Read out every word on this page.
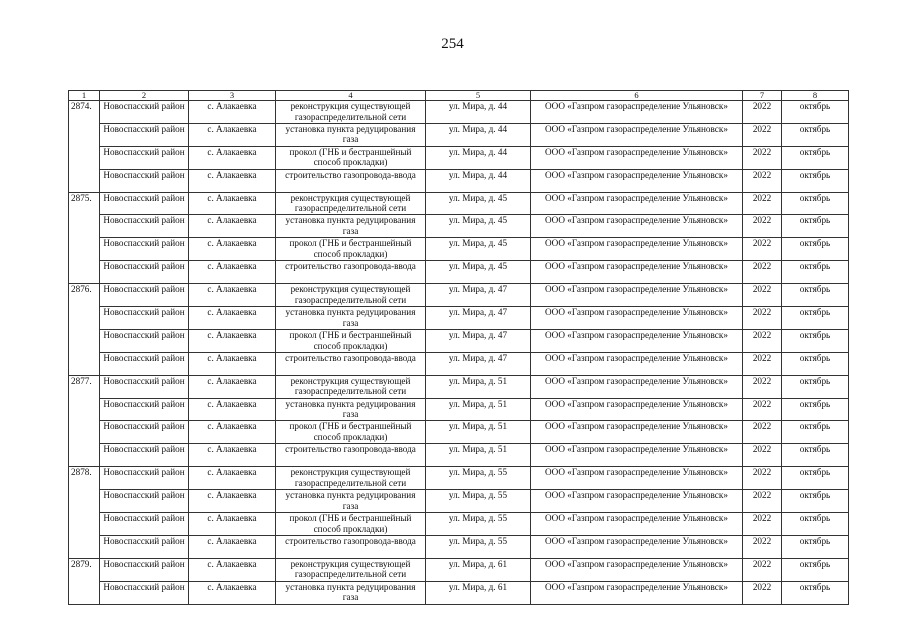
254
1	2	3	4	5	6	7	8
2874.	Новоспасский район	с. Алакаевка	реконструкция существующей газораспределительной сети	ул. Мира, д. 44	ООО «Газпром газораспределение Ульяновск»	2022	октябрь
	Новоспасский район	с. Алакаевка	установка пункта редуцирования газа	ул. Мира, д. 44	ООО «Газпром газораспределение Ульяновск»	2022	октябрь
	Новоспасский район	с. Алакаевка	прокол (ГНБ и бестраншейный способ прокладки)	ул. Мира, д. 44	ООО «Газпром газораспределение Ульяновск»	2022	октябрь
	Новоспасский район	с. Алакаевка	строительство газопровода-ввода	ул. Мира, д. 44	ООО «Газпром газораспределение Ульяновск»	2022	октябрь
2875.	Новоспасский район	с. Алакаевка	реконструкция существующей газораспределительной сети	ул. Мира, д. 45	ООО «Газпром газораспределение Ульяновск»	2022	октябрь
	Новоспасский район	с. Алакаевка	установка пункта редуцирования газа	ул. Мира, д. 45	ООО «Газпром газораспределение Ульяновск»	2022	октябрь
	Новоспасский район	с. Алакаевка	прокол (ГНБ и бестраншейный способ прокладки)	ул. Мира, д. 45	ООО «Газпром газораспределение Ульяновск»	2022	октябрь
	Новоспасский район	с. Алакаевка	строительство газопровода-ввода	ул. Мира, д. 45	ООО «Газпром газораспределение Ульяновск»	2022	октябрь
2876.	Новоспасский район	с. Алакаевка	реконструкция существующей газораспределительной сети	ул. Мира, д. 47	ООО «Газпром газораспределение Ульяновск»	2022	октябрь
	Новоспасский район	с. Алакаевка	установка пункта редуцирования газа	ул. Мира, д. 47	ООО «Газпром газораспределение Ульяновск»	2022	октябрь
	Новоспасский район	с. Алакаевка	прокол (ГНБ и бестраншейный способ прокладки)	ул. Мира, д. 47	ООО «Газпром газораспределение Ульяновск»	2022	октябрь
	Новоспасский район	с. Алакаевка	строительство газопровода-ввода	ул. Мира, д. 47	ООО «Газпром газораспределение Ульяновск»	2022	октябрь
2877.	Новоспасский район	с. Алакаевка	реконструкция существующей газораспределительной сети	ул. Мира, д. 51	ООО «Газпром газораспределение Ульяновск»	2022	октябрь
	Новоспасский район	с. Алакаевка	установка пункта редуцирования газа	ул. Мира, д. 51	ООО «Газпром газораспределение Ульяновск»	2022	октябрь
	Новоспасский район	с. Алакаевка	прокол (ГНБ и бестраншейный способ прокладки)	ул. Мира, д. 51	ООО «Газпром газораспределение Ульяновск»	2022	октябрь
	Новоспасский район	с. Алакаевка	строительство газопровода-ввода	ул. Мира, д. 51	ООО «Газпром газораспределение Ульяновск»	2022	октябрь
2878.	Новоспасский район	с. Алакаевка	реконструкция существующей газораспределительной сети	ул. Мира, д. 55	ООО «Газпром газораспределение Ульяновск»	2022	октябрь
	Новоспасский район	с. Алакаевка	установка пункта редуцирования газа	ул. Мира, д. 55	ООО «Газпром газораспределение Ульяновск»	2022	октябрь
	Новоспасский район	с. Алакаевка	прокол (ГНБ и бестраншейный способ прокладки)	ул. Мира, д. 55	ООО «Газпром газораспределение Ульяновск»	2022	октябрь
	Новоспасский район	с. Алакаевка	строительство газопровода-ввода	ул. Мира, д. 55	ООО «Газпром газораспределение Ульяновск»	2022	октябрь
2879.	Новоспасский район	с. Алакаевка	реконструкция существующей газораспределительной сети	ул. Мира, д. 61	ООО «Газпром газораспределение Ульяновск»	2022	октябрь
	Новоспасский район	с. Алакаевка	установка пункта редуцирования газа	ул. Мира, д. 61	ООО «Газпром газораспределение Ульяновск»	2022	октябрь
